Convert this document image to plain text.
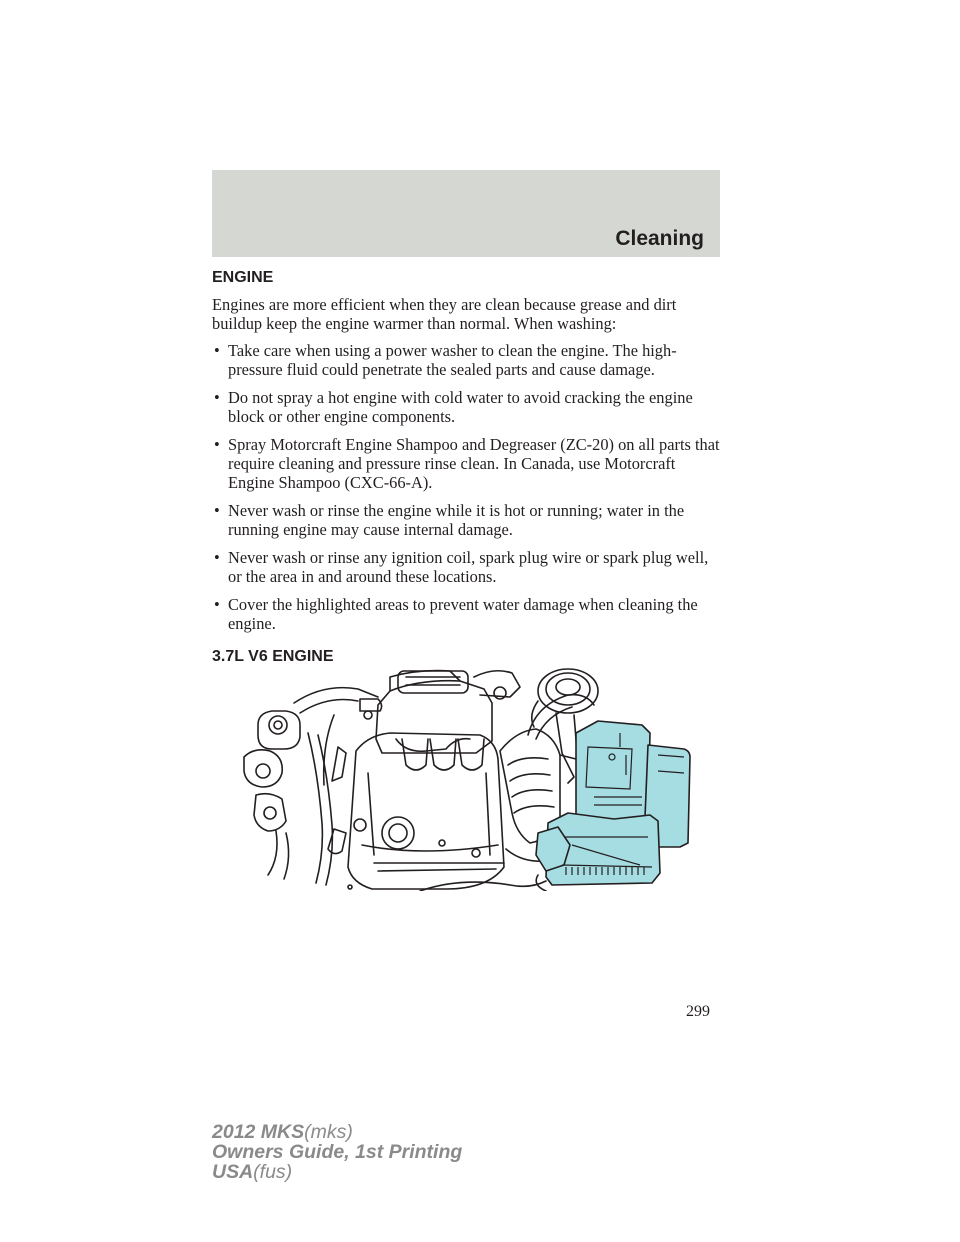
Cleaning
ENGINE

Engines are more efficient when they are clean because grease and dirt buildup keep the engine warmer than normal. When washing:

• Take care when using a power washer to clean the engine. The high-pressure fluid could penetrate the sealed parts and cause damage.
• Do not spray a hot engine with cold water to avoid cracking the engine block or other engine components.
• Spray Motorcraft Engine Shampoo and Degreaser (ZC-20) on all parts that require cleaning and pressure rinse clean. In Canada, use Motorcraft Engine Shampoo (CXC-66-A).
• Never wash or rinse the engine while it is hot or running; water in the running engine may cause internal damage.
• Never wash or rinse any ignition coil, spark plug wire or spark plug well, or the area in and around these locations.
• Cover the highlighted areas to prevent water damage when cleaning the engine.
3.7L V6 ENGINE
299
2012 MKS(mks)
Owners Guide, 1st Printing
USA(fus)
